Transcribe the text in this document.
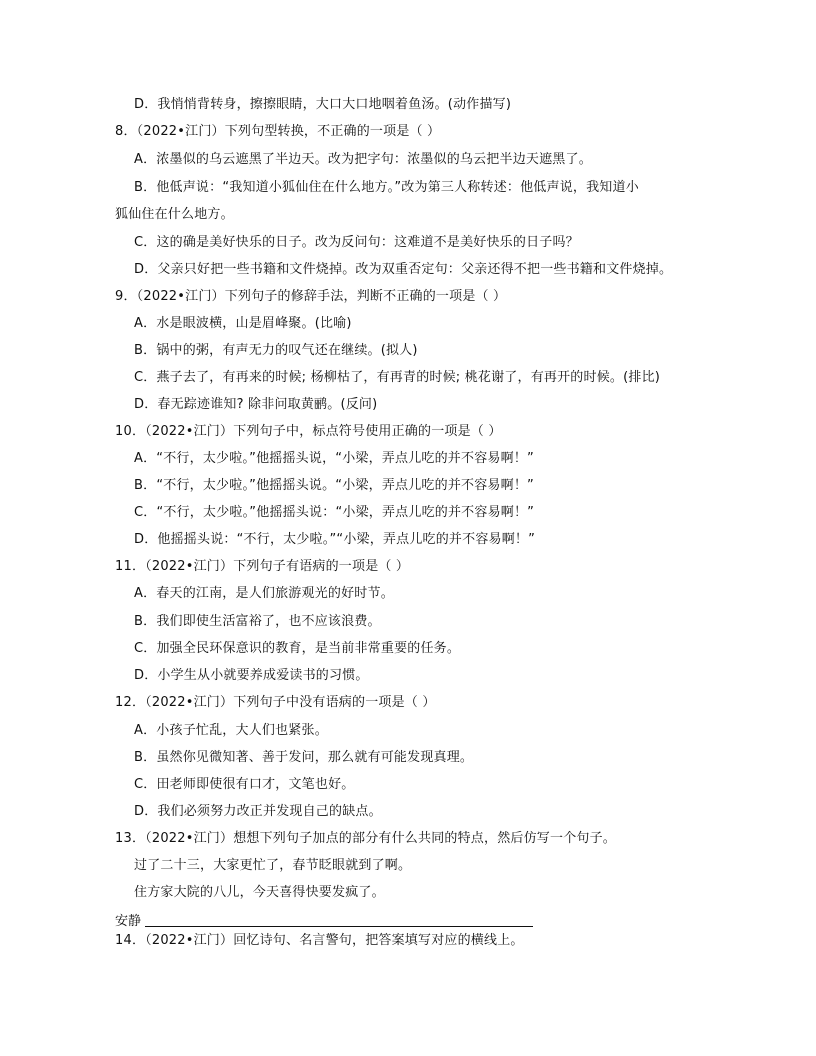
D．我悄悄背转身，擦擦眼睛，大口大口地咽着鱼汤。(动作描写)
8．（2022•江门）下列句型转换，不正确的一项是（ ）
A．浓墨似的乌云遮黑了半边天。改为把字句：浓墨似的乌云把半边天遮黑了。
B．他低声说：“我知道小狐仙住在什么地方。”改为第三人称转述：他低声说，我知道小
狐仙住在什么地方。
C．这的确是美好快乐的日子。改为反问句：这难道不是美好快乐的日子吗？
D．父亲只好把一些书籍和文件烧掉。改为双重否定句：父亲还得不把一些书籍和文件烧掉。
9．（2022•江门）下列句子的修辞手法，判断不正确的一项是（ ）
A．水是眼波横，山是眉峰聚。(比喻)
B．锅中的粥，有声无力的叹气还在继续。(拟人)
C．燕子去了，有再来的时候; 杨柳枯了，有再青的时候; 桃花谢了，有再开的时候。(排比)
D．春无踪迹谁知? 除非问取黄鹂。(反问)
10．（2022•江门）下列句子中，标点符号使用正确的一项是（ ）
A．“不行，太少啦。”他摇摇头说，“小梁，弄点儿吃的并不容易啊！”
B．“不行，太少啦。”他摇摇头说。“小梁，弄点儿吃的并不容易啊！”
C．“不行，太少啦。”他摇摇头说：“小梁，弄点儿吃的并不容易啊！”
D．他摇摇头说：“不行，太少啦。”“小梁，弄点儿吃的并不容易啊！”
11．（2022•江门）下列句子有语病的一项是（ ）
A．春天的江南，是人们旅游观光的好时节。
B．我们即使生活富裕了，也不应该浪费。
C．加强全民环保意识的教育，是当前非常重要的任务。
D．小学生从小就要养成爱读书的习惯。
12．（2022•江门）下列句子中没有语病的一项是（ ）
A．小孩子忙乱，大人们也紧张。
B．虽然你见微知著、善于发问，那么就有可能发现真理。
C．田老师即使很有口才，文笔也好。
D．我们必须努力改正并发现自己的缺点。
13．（2022•江门）想想下列句子加点的部分有什么共同的特点，然后仿写一个句子。
过了二十三，大家更忙了，春节眨眼就到了啊。
住方家大院的八儿，今天喜得快要发疯了。
安静
14．（2022•江门）回忆诗句、名言警句，把答案填写对应的横线上。
